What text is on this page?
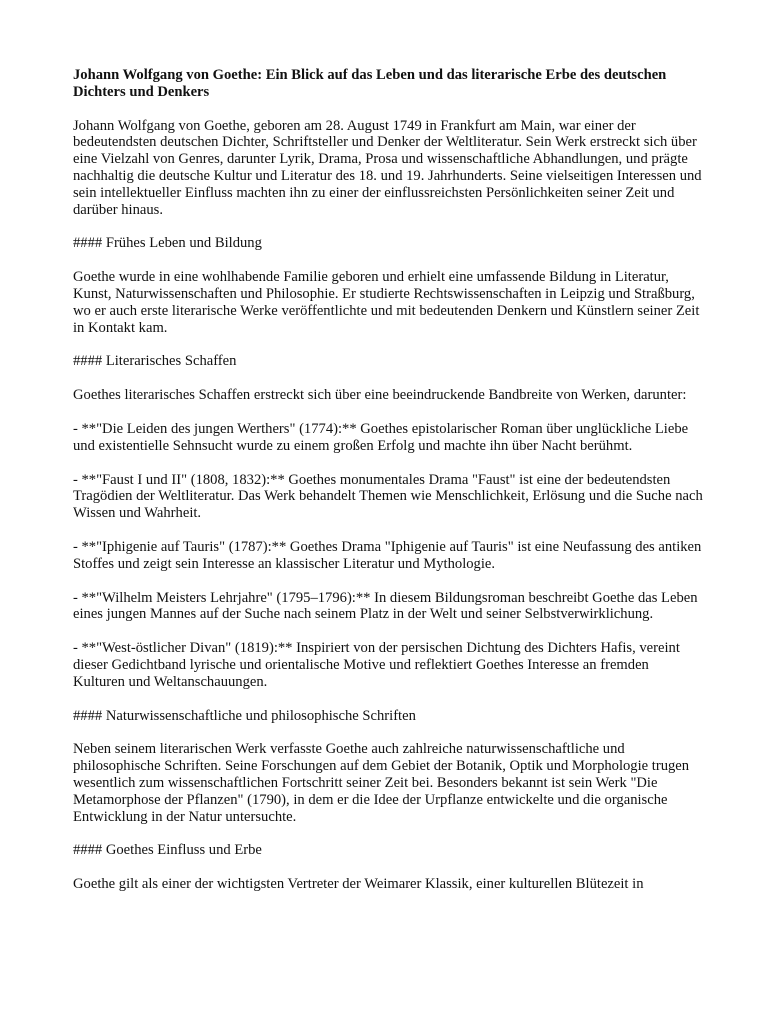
Johann Wolfgang von Goethe: Ein Blick auf das Leben und das literarische Erbe des deutschen Dichters und Denkers

Johann Wolfgang von Goethe, geboren am 28. August 1749 in Frankfurt am Main, war einer der bedeutendsten deutschen Dichter, Schriftsteller und Denker der Weltliteratur. Sein Werk erstreckt sich über eine Vielzahl von Genres, darunter Lyrik, Drama, Prosa und wissenschaftliche Abhandlungen, und prägte nachhaltig die deutsche Kultur und Literatur des 18. und 19. Jahrhunderts. Seine vielseitigen Interessen und sein intellektueller Einfluss machten ihn zu einer der einflussreichsten Persönlichkeiten seiner Zeit und darüber hinaus.

#### Frühes Leben und Bildung

Goethe wurde in eine wohlhabende Familie geboren und erhielt eine umfassende Bildung in Literatur, Kunst, Naturwissenschaften und Philosophie. Er studierte Rechtswissenschaften in Leipzig und Straßburg, wo er auch erste literarische Werke veröffentlichte und mit bedeutenden Denkern und Künstlern seiner Zeit in Kontakt kam.

#### Literarisches Schaffen

Goethes literarisches Schaffen erstreckt sich über eine beeindruckende Bandbreite von Werken, darunter:

- **"Die Leiden des jungen Werthers" (1774):** Goethes epistolarischer Roman über unglückliche Liebe und existentielle Sehnsucht wurde zu einem großen Erfolg und machte ihn über Nacht berühmt.

- **"Faust I und II" (1808, 1832):** Goethes monumentales Drama "Faust" ist eine der bedeutendsten Tragödien der Weltliteratur. Das Werk behandelt Themen wie Menschlichkeit, Erlösung und die Suche nach Wissen und Wahrheit.

- **"Iphigenie auf Tauris" (1787):** Goethes Drama "Iphigenie auf Tauris" ist eine Neufassung des antiken Stoffes und zeigt sein Interesse an klassischer Literatur und Mythologie.

- **"Wilhelm Meisters Lehrjahre" (1795–1796):** In diesem Bildungsroman beschreibt Goethe das Leben eines jungen Mannes auf der Suche nach seinem Platz in der Welt und seiner Selbstverwirklichung.

- **"West-östlicher Divan" (1819):** Inspiriert von der persischen Dichtung des Dichters Hafis, vereint dieser Gedichtband lyrische und orientalische Motive und reflektiert Goethes Interesse an fremden Kulturen und Weltanschauungen.

#### Naturwissenschaftliche und philosophische Schriften

Neben seinem literarischen Werk verfasste Goethe auch zahlreiche naturwissenschaftliche und philosophische Schriften. Seine Forschungen auf dem Gebiet der Botanik, Optik und Morphologie trugen wesentlich zum wissenschaftlichen Fortschritt seiner Zeit bei. Besonders bekannt ist sein Werk "Die Metamorphose der Pflanzen" (1790), in dem er die Idee der Urpflanze entwickelte und die organische Entwicklung in der Natur untersuchte.

#### Goethes Einfluss und Erbe

Goethe gilt als einer der wichtigsten Vertreter der Weimarer Klassik, einer kulturellen Blütezeit in
